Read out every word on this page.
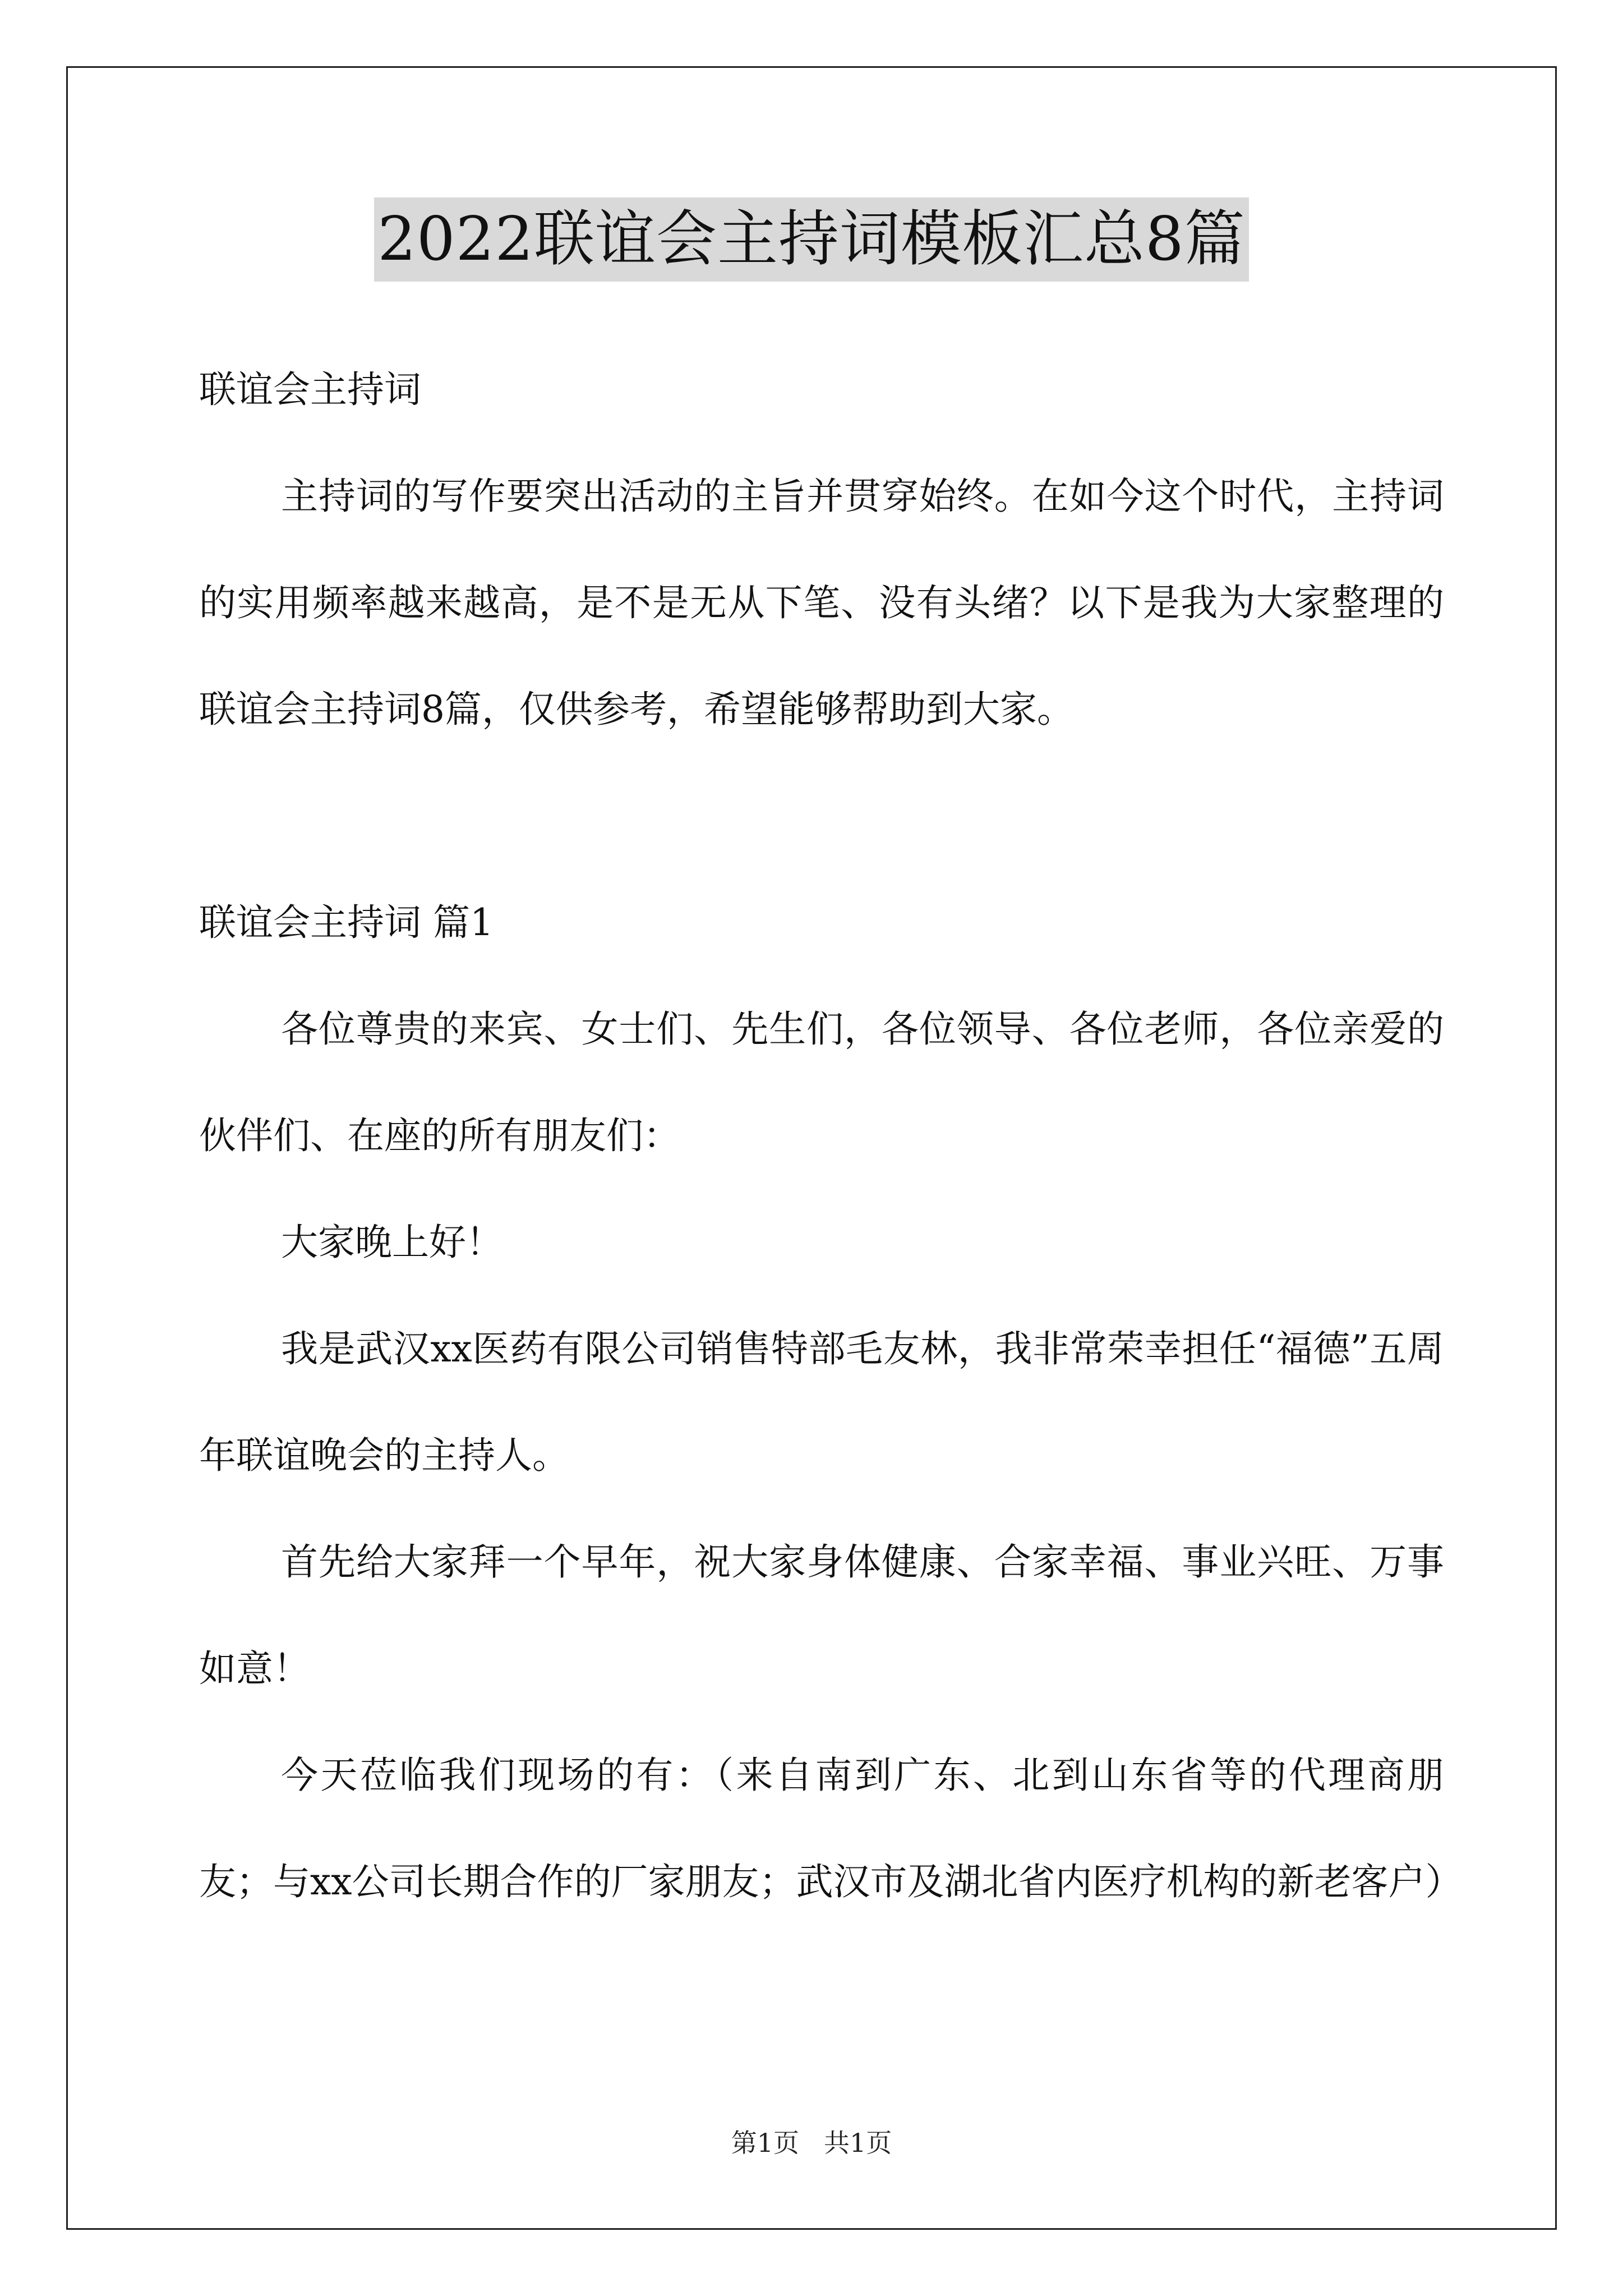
2022联谊会主持词模板汇总8篇

联谊会主持词

主持词的写作要突出活动的主旨并贯穿始终。在如今这个时代，主持词的实用频率越来越高，是不是无从下笔、没有头绪？以下是我为大家整理的联谊会主持词8篇，仅供参考，希望能够帮助到大家。

联谊会主持词 篇1

各位尊贵的来宾、女士们、先生们，各位领导、各位老师，各位亲爱的伙伴们、在座的所有朋友们：

大家晚上好！

我是武汉xx医药有限公司销售特部毛友林，我非常荣幸担任“福德”五周年联谊晚会的主持人。

首先给大家拜一个早年，祝大家身体健康、合家幸福、事业兴旺、万事如意！

今天莅临我们现场的有：（来自南到广东、北到山东省等的代理商朋友；与xx公司长期合作的厂家朋友；武汉市及湖北省内医疗机构的新老客户）

第1页 共1页
